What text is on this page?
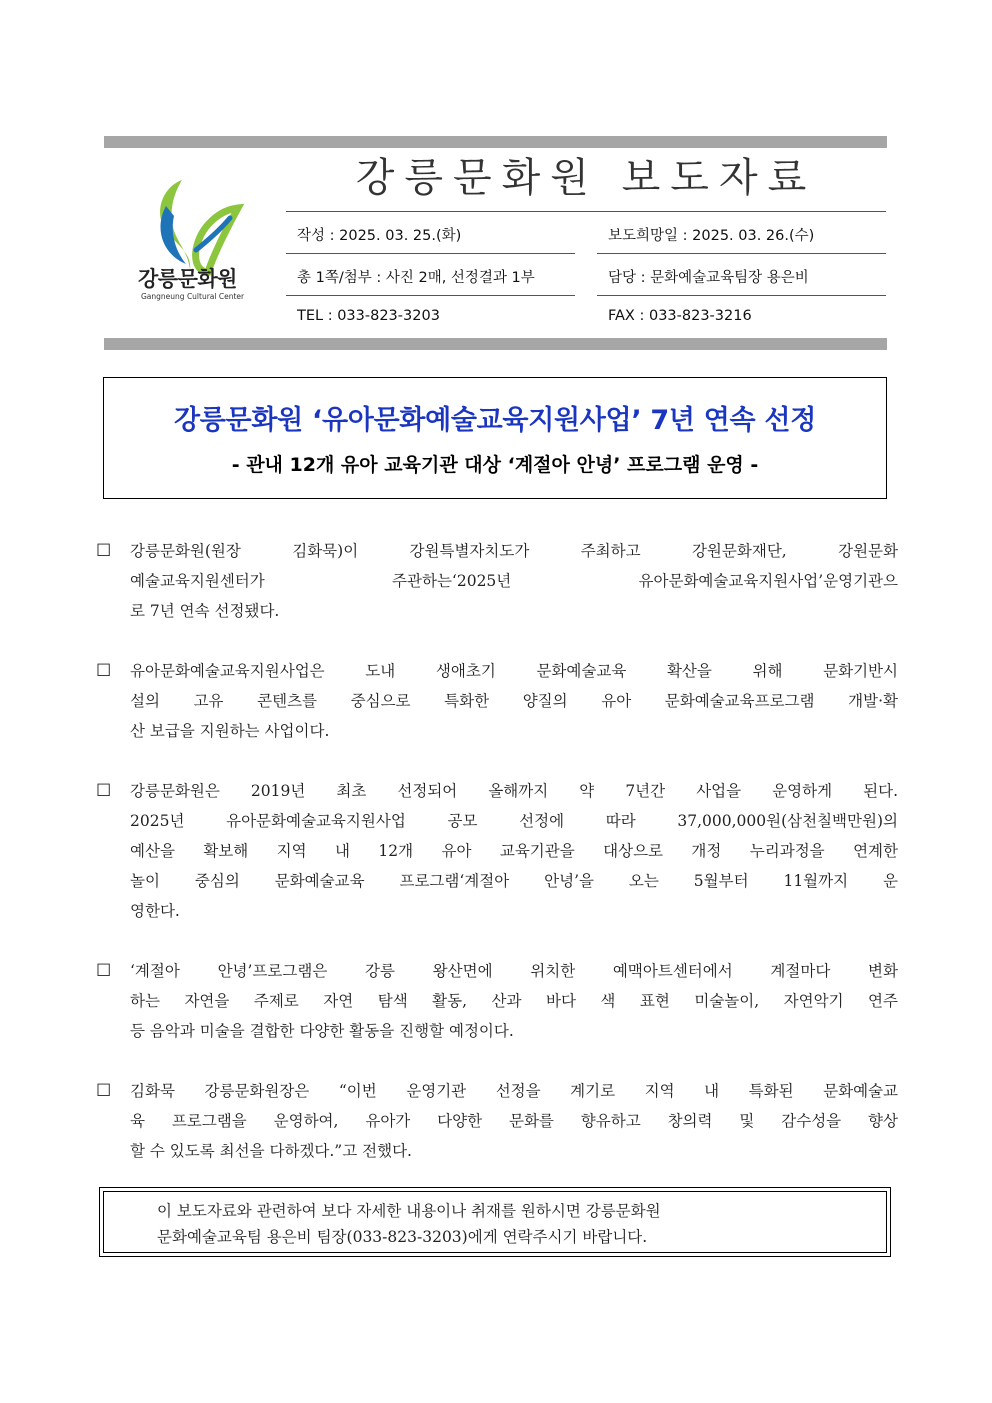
강릉문화원
Gangneung Cultural Center
강릉문화원 보도자료
작성 : 2025. 03. 25.(화)	보도희망일 : 2025. 03. 26.(수)
총 1쪽/첨부 : 사진 2매, 선정결과 1부	담당 : 문화예술교육팀장 용은비
TEL : 033-823-3203	FAX : 033-823-3216
강릉문화원 ‘유아문화예술교육지원사업’ 7년 연속 선정
- 관내 12개 유아 교육기관 대상 ‘계절아 안녕’ 프로그램 운영 -
☐ 강릉문화원(원장 김화묵)이 강원특별자치도가 주최하고 강원문화재단, 강원문화
예술교육지원센터가 주관하는‘2025년 유아문화예술교육지원사업’운영기관으
로 7년 연속 선정됐다.
☐ 유아문화예술교육지원사업은 도내 생애초기 문화예술교육 확산을 위해 문화기반시
설의 고유 콘텐츠를 중심으로 특화한 양질의 유아 문화예술교육프로그램 개발·확
산 보급을 지원하는 사업이다.
☐ 강릉문화원은 2019년 최초 선정되어 올해까지 약 7년간 사업을 운영하게 된다.
2025년 유아문화예술교육지원사업 공모 선정에 따라 37,000,000원(삼천칠백만원)의
예산을 확보해 지역 내 12개 유아 교육기관을 대상으로 개정 누리과정을 연계한
놀이 중심의 문화예술교육 프로그램‘계절아 안녕’을 오는 5월부터 11월까지 운
영한다.
☐ ‘계절아 안녕’프로그램은 강릉 왕산면에 위치한 예맥아트센터에서 계절마다 변화
하는 자연을 주제로 자연 탐색 활동, 산과 바다 색 표현 미술놀이, 자연악기 연주
등 음악과 미술을 결합한 다양한 활동을 진행할 예정이다.
☐ 김화묵 강릉문화원장은 “이번 운영기관 선정을 계기로 지역 내 특화된 문화예술교
육 프로그램을 운영하여, 유아가 다양한 문화를 향유하고 창의력 및 감수성을 향상
할 수 있도록 최선을 다하겠다.”고 전했다.
이 보도자료와 관련하여 보다 자세한 내용이나 취재를 원하시면 강릉문화원
문화예술교육팀 용은비 팀장(033-823-3203)에게 연락주시기 바랍니다.
